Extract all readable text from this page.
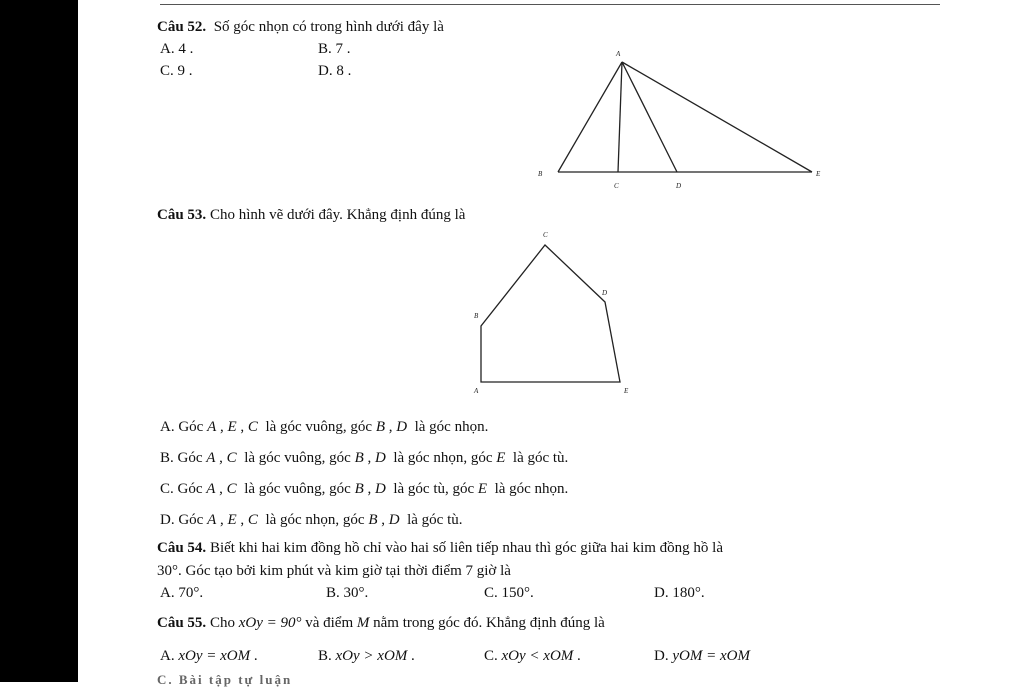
Câu 52. Số góc nhọn có trong hình dưới đây là
A. 4 .	B. 7 .
C. 9 .	D. 8 .
A
B
C	D
E
Câu 53. Cho hình vẽ dưới đây. Khẳng định đúng là
A
B
C
D
E
A. Góc A , E , C là góc vuông, góc B , D là góc nhọn.
B. Góc A , C là góc vuông, góc B , D là góc nhọn, góc E là góc tù.
C. Góc A , C là góc vuông, góc B , D là góc tù, góc E là góc nhọn.
D. Góc A , E , C là góc nhọn, góc B , D là góc tù.
Câu 54. Biết khi hai kim đồng hồ chỉ vào hai số liên tiếp nhau thì góc giữa hai kim đồng hồ là
30°. Góc tạo bởi kim phút và kim giờ tại thời điểm 7 giờ là
A. 70°.	B. 30°.	C. 150°.	D. 180°.
Câu 55. Cho xOy = 90° và điểm M nằm trong góc đó. Khẳng định đúng là
A. xOy = xOM .	B. xOy > xOM .	C. xOy < xOM .	D. yOM = xOM
C. Bài tập tự luận
